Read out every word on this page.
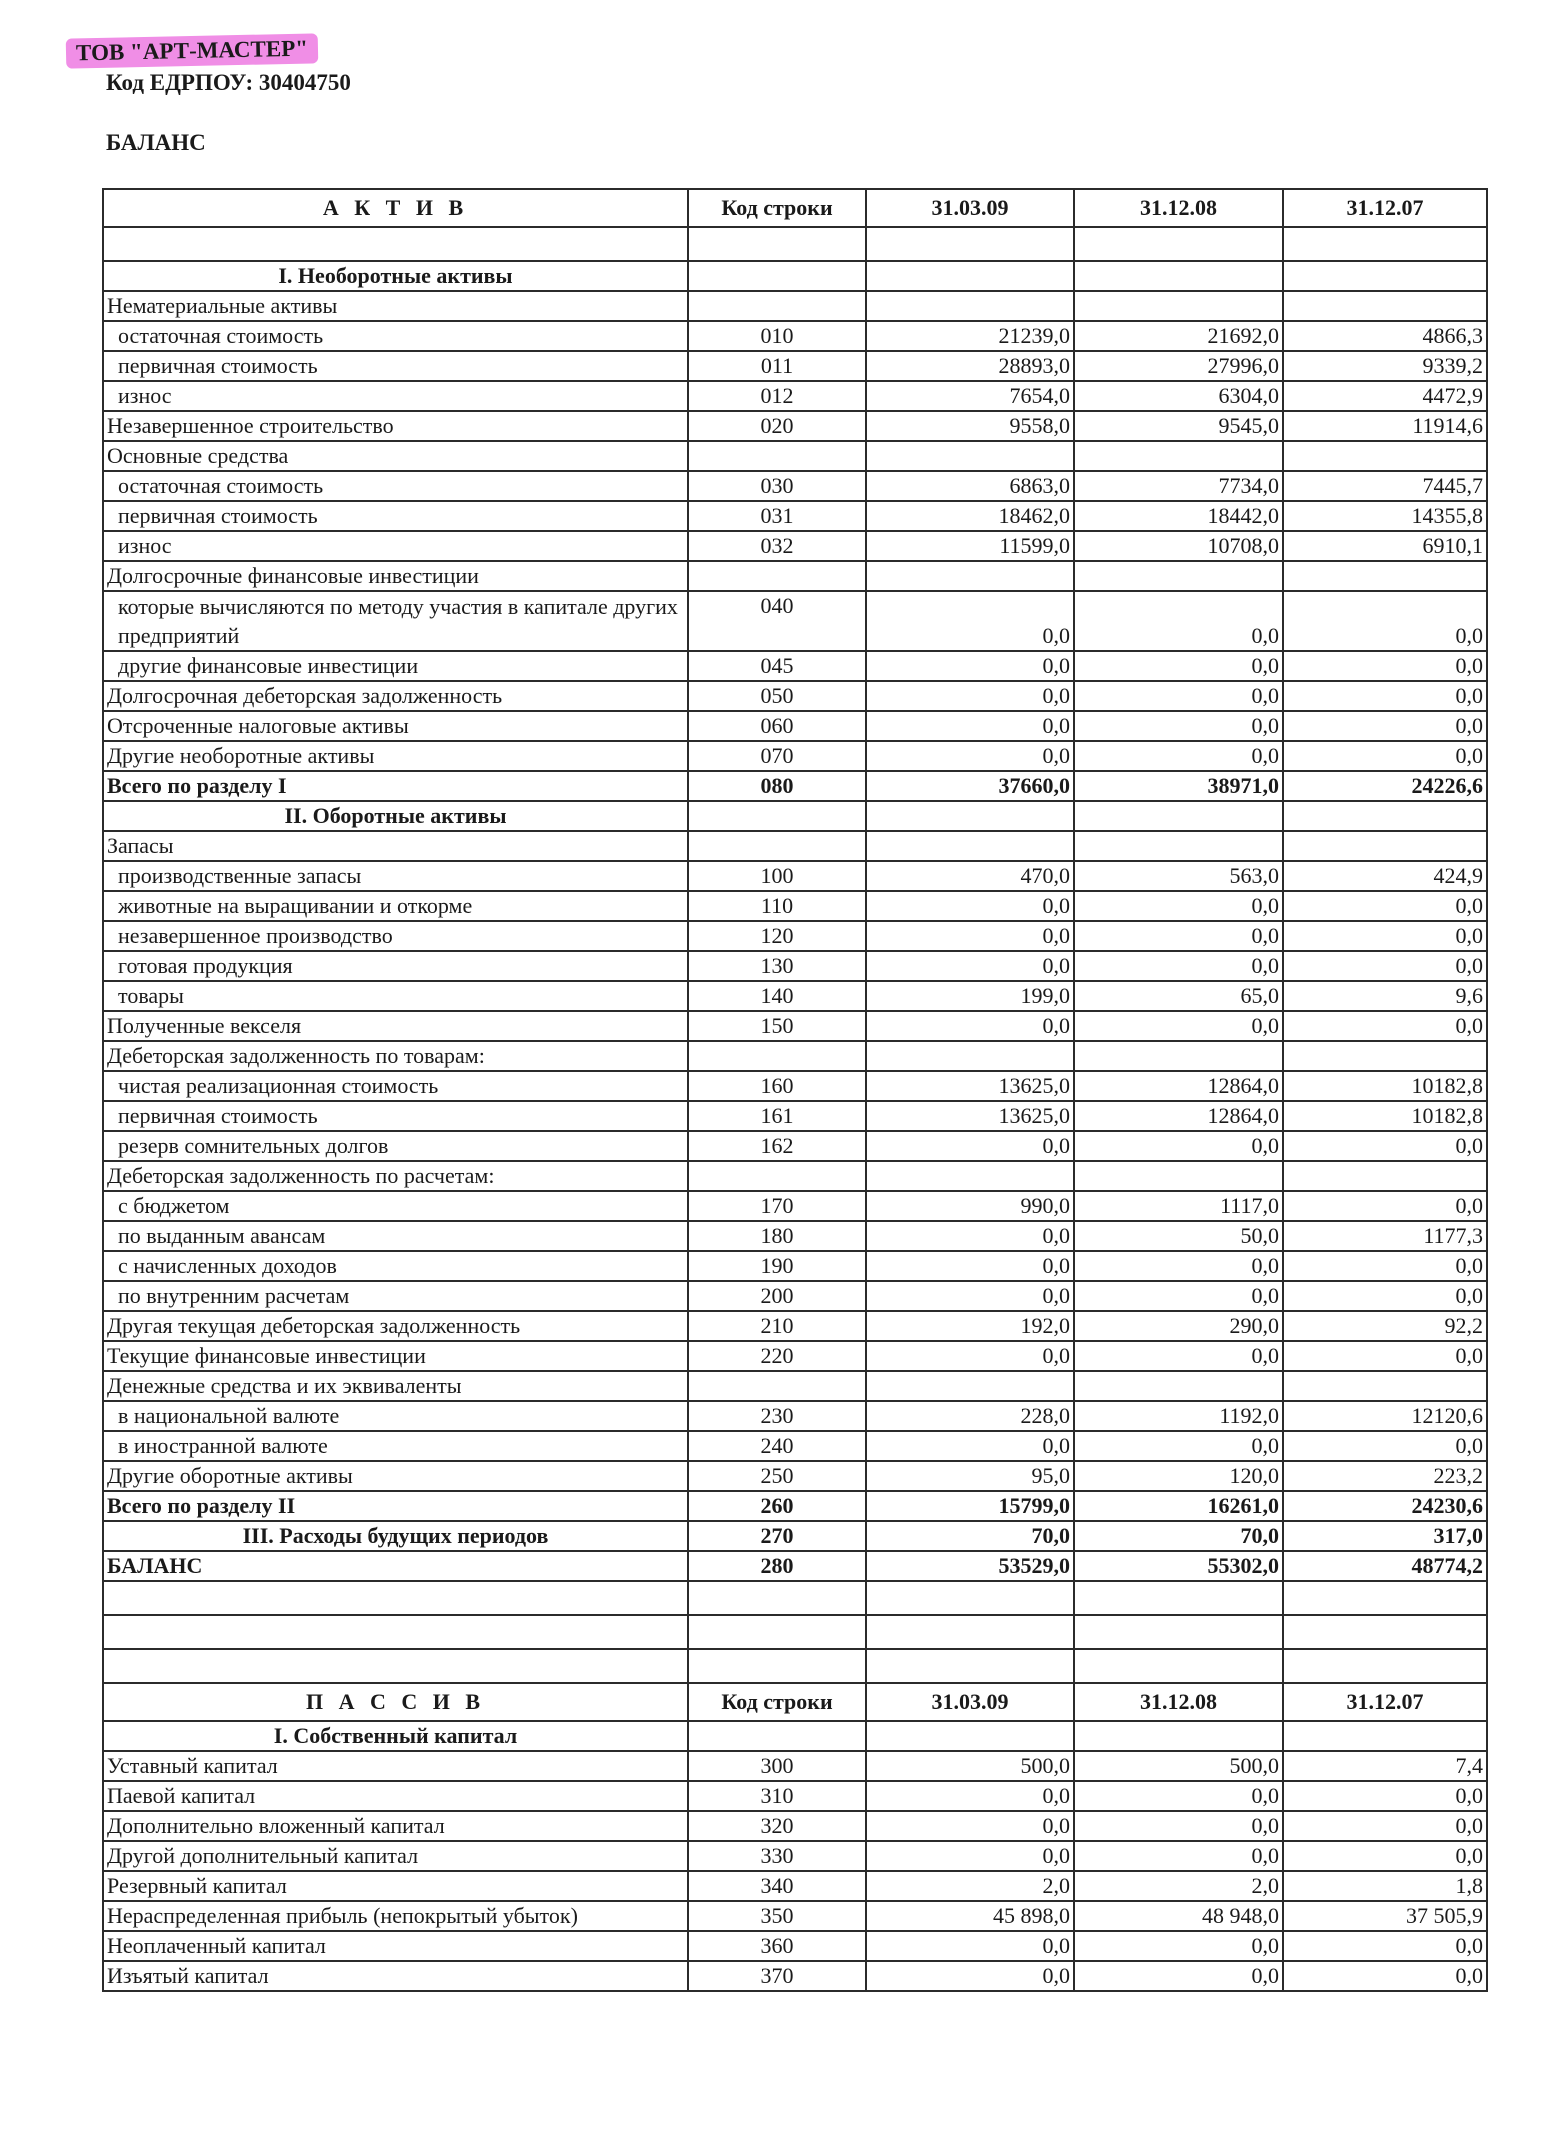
ТОВ "АРТ-МАСТЕР"
Код ЕДРПОУ: 30404750
БАЛАНС
А К Т И В	Код строки	31.03.09	31.12.08	31.12.07

I. Необоротные активы				
Нематериальные активы				
остаточная стоимость	010	21239,0	21692,0	4866,3
первичная стоимость	011	28893,0	27996,0	9339,2
износ	012	7654,0	6304,0	4472,9
Незавершенное строительство	020	9558,0	9545,0	11914,6
Основные средства				
остаточная стоимость	030	6863,0	7734,0	7445,7
первичная стоимость	031	18462,0	18442,0	14355,8
износ	032	11599,0	10708,0	6910,1
Долгосрочные финансовые инвестиции				
которые вычисляются по методу участия в капитале других предприятий	040	0,0	0,0	0,0
другие финансовые инвестиции	045	0,0	0,0	0,0
Долгосрочная дебеторская задолженность	050	0,0	0,0	0,0
Отсроченные налоговые активы	060	0,0	0,0	0,0
Другие необоротные активы	070	0,0	0,0	0,0
Всего по разделу I	080	37660,0	38971,0	24226,6
II. Оборотные активы				
Запасы				
производственные запасы	100	470,0	563,0	424,9
животные на выращивании и откорме	110	0,0	0,0	0,0
незавершенное производство	120	0,0	0,0	0,0
готовая продукция	130	0,0	0,0	0,0
товары	140	199,0	65,0	9,6
Полученные векселя	150	0,0	0,0	0,0
Дебеторская задолженность по товарам:				
чистая реализационная стоимость	160	13625,0	12864,0	10182,8
первичная стоимость	161	13625,0	12864,0	10182,8
резерв сомнительных долгов	162	0,0	0,0	0,0
Дебеторская задолженность по расчетам:				
с бюджетом	170	990,0	1117,0	0,0
по выданным авансам	180	0,0	50,0	1177,3
с начисленных доходов	190	0,0	0,0	0,0
по внутренним расчетам	200	0,0	0,0	0,0
Другая текущая дебеторская задолженность	210	192,0	290,0	92,2
Текущие финансовые инвестиции	220	0,0	0,0	0,0
Денежные средства и их эквиваленты				
в национальной валюте	230	228,0	1192,0	12120,6
в иностранной валюте	240	0,0	0,0	0,0
Другие оборотные активы	250	95,0	120,0	223,2
Всего по разделу II	260	15799,0	16261,0	24230,6
III. Расходы будущих периодов	270	70,0	70,0	317,0
БАЛАНС	280	53529,0	55302,0	48774,2

П А С С И В	Код строки	31.03.09	31.12.08	31.12.07
I. Собственный капитал				
Уставный капитал	300	500,0	500,0	7,4
Паевой капитал	310	0,0	0,0	0,0
Дополнительно вложенный капитал	320	0,0	0,0	0,0
Другой дополнительный капитал	330	0,0	0,0	0,0
Резервный капитал	340	2,0	2,0	1,8
Нераспределенная прибыль (непокрытый убыток)	350	45 898,0	48 948,0	37 505,9
Неоплаченный капитал	360	0,0	0,0	0,0
Изъятый капитал	370	0,0	0,0	0,0
